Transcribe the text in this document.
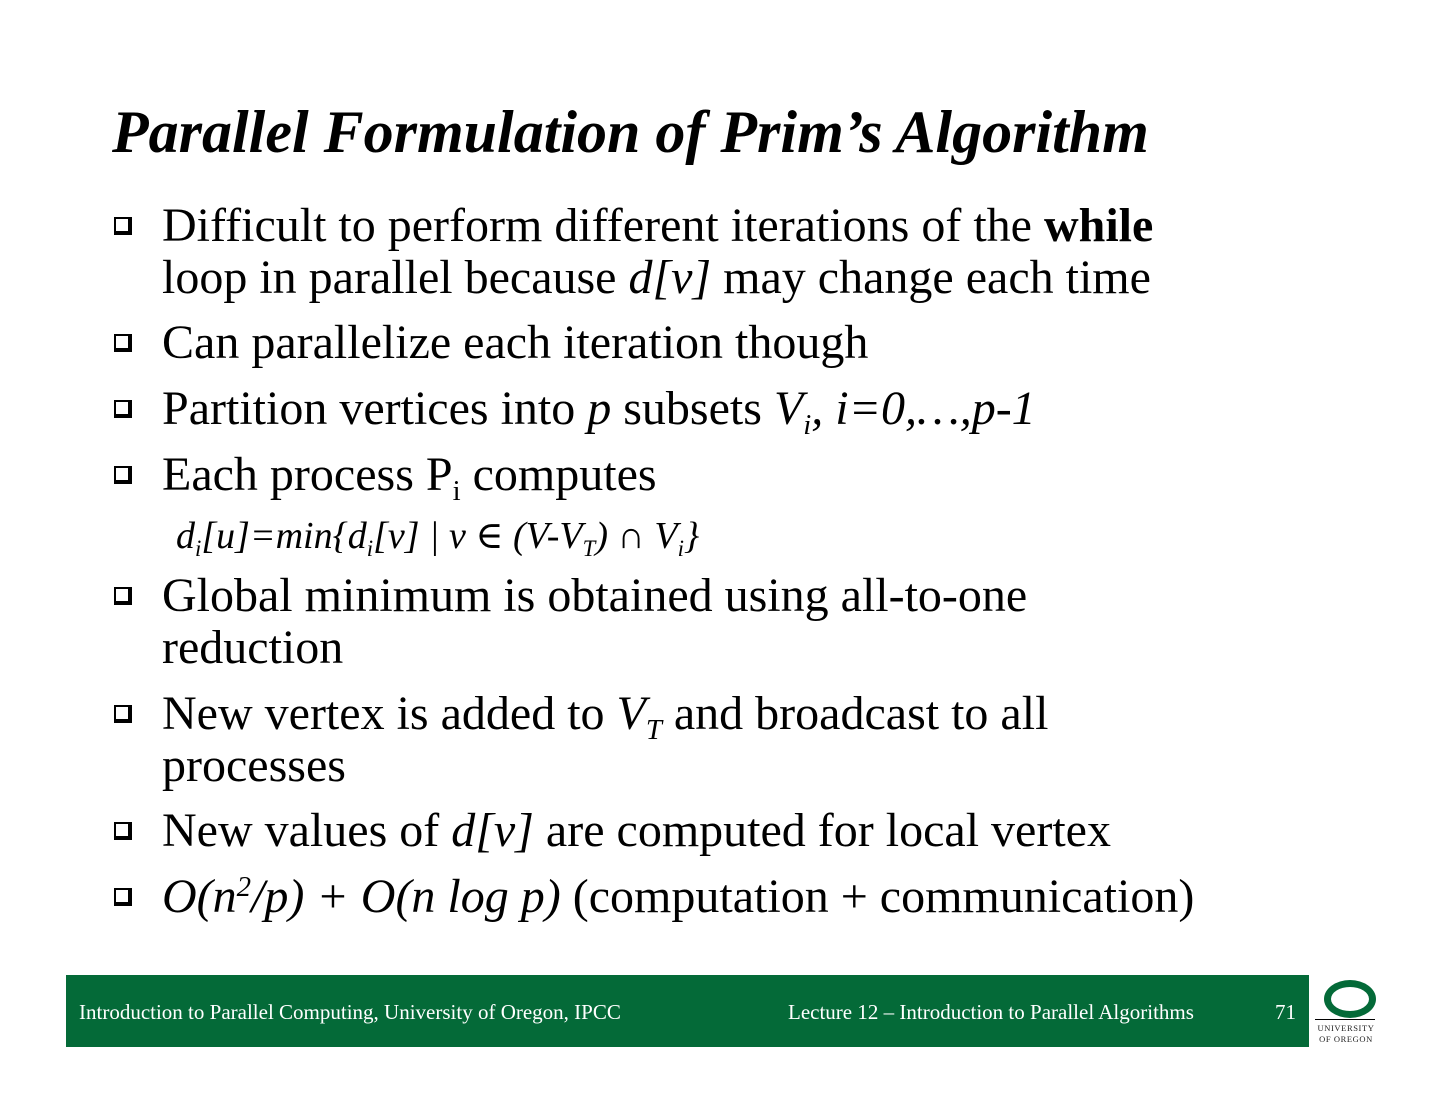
Parallel Formulation of Prim’s Algorithm
Difficult to perform different iterations of the while
loop in parallel because d[v] may change each time
Can parallelize each iteration though
Partition vertices into p subsets $V_i$, i=0,…,p-1
Each process $P_i$ computes
$d_i[u]=\min\{d_i[v]$ | v ∈ $(V-V_T)$ ∩ $V_i$}
Global minimum is obtained using all-to-one
reduction
New vertex is added to $V_T$ and broadcast to all
processes
New values of d[v] are computed for local vertex
$O(n^2/p) + O(n$ log p) (computation + communication)
Introduction to Parallel Computing, University of Oregon, IPCC	Lecture 12 – Introduction to Parallel Algorithms	71
UNIVERSITY
OF OREGON
